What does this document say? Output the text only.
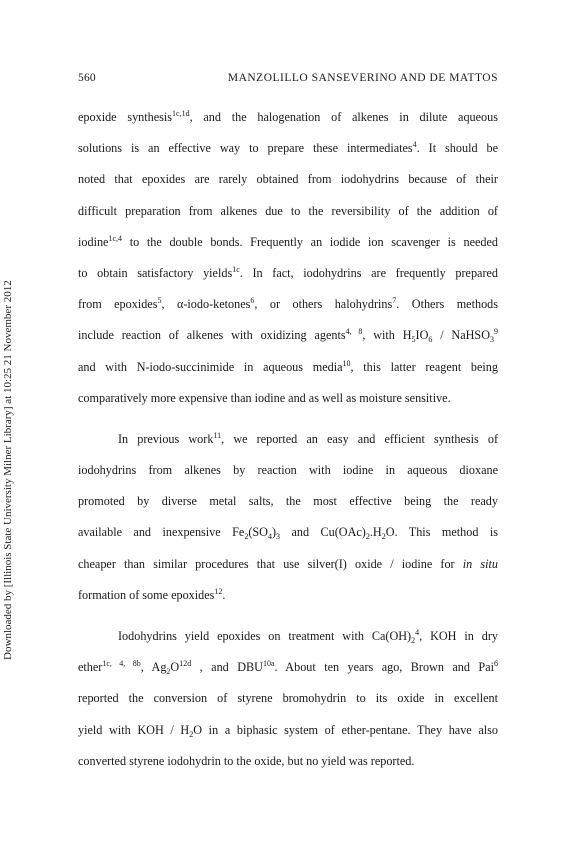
Downloaded by [Illinois State University Milner Library] at 10:25 21 November 2012
560	MANZOLILLO SANSEVERINO AND DE MATTOS
epoxide synthesis$^{1c,1d}$, and the halogenation of alkenes in dilute aqueous
solutions is an effective way to prepare these intermediates$^4$. It should be
noted that epoxides are rarely obtained from iodohydrins because of their
difficult preparation from alkenes due to the reversibility of the addition of
iodine$^{1c,4}$ to the double bonds. Frequently an iodide ion scavenger is needed
to obtain satisfactory yields$^{1c}$. In fact, iodohydrins are frequently prepared
from epoxides$^5$, α-iodo-ketones$^6$, or others halohydrins$^7$. Others methods
include reaction of alkenes with oxidizing agents$^{4, 8}$, with $H_5IO_6$ / NaHSO$_3^9$
and with N-iodo-succinimide in aqueous media$^{10}$, this latter reagent being
comparatively more expensive than iodine and as well as moisture sensitive.
In previous work$^{11}$, we reported an easy and efficient synthesis of
iodohydrins from alkenes by reaction with iodine in aqueous dioxane
promoted by diverse metal salts, the most effective being the ready
available and inexpensive $Fe_2(SO_4)_3$ and $Cu(OAc)_2.H_2O$. This method is
cheaper than similar procedures that use silver(I) oxide / iodine for in situ
formation of some epoxides$^{12}$.
Iodohydrins yield epoxides on treatment with $Ca(OH)_2^4$, KOH in dry
ether$^{1c, 4, 8b}$, $Ag_2O^{12d}$ , and $DBU^{10a}$. About ten years ago, Brown and Pai$^6$
reported the conversion of styrene bromohydrin to its oxide in excellent
yield with KOH / $H_2O$ in a biphasic system of ether-pentane. They have also
converted styrene iodohydrin to the oxide, but no yield was reported.
